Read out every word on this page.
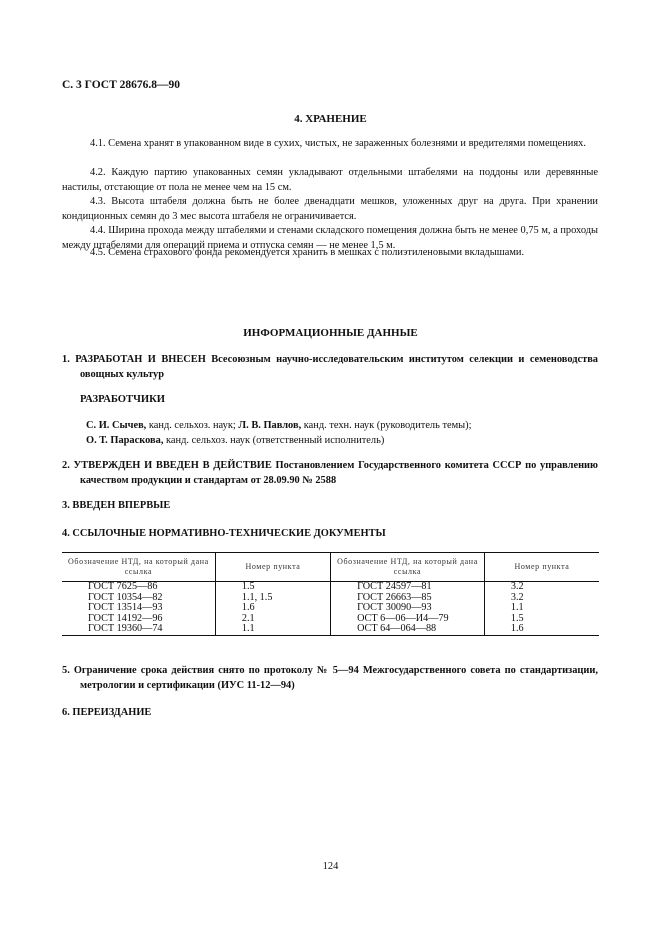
С. 3 ГОСТ 28676.8—90
4. ХРАНЕНИЕ
4.1. Семена хранят в упакованном виде в сухих, чистых, не зараженных болезнями и вредителями помещениях.
4.2. Каждую партию упакованных семян укладывают отдельными штабелями на поддоны или деревянные настилы, отстающие от пола не менее чем на 15 см.
4.3. Высота штабеля должна быть не более двенадцати мешков, уложенных друг на друга. При хранении кондиционных семян до 3 мес высота штабеля не ограничивается.
4.4. Ширина прохода между штабелями и стенами складского помещения должна быть не менее 0,75 м, а проходы между штабелями для операций приема и отпуска семян — не менее 1,5 м.
4.5. Семена страхового фонда рекомендуется хранить в мешках с полиэтиленовыми вкладышами.
ИНФОРМАЦИОННЫЕ ДАННЫЕ
1. РАЗРАБОТАН И ВНЕСЕН Всесоюзным научно-исследовательским институтом селекции и семеноводства овощных культур
РАЗРАБОТЧИКИ
С. И. Сычев, канд. сельхоз. наук; Л. В. Павлов, канд. техн. наук (руководитель темы);
О. Т. Параскова, канд. сельхоз. наук (ответственный исполнитель)
2. УТВЕРЖДЕН И ВВЕДЕН В ДЕЙСТВИЕ Постановлением Государственного комитета СССР по управлению качеством продукции и стандартам от 28.09.90 № 2588
3. ВВЕДЕН ВПЕРВЫЕ
4. ССЫЛОЧНЫЕ НОРМАТИВНО-ТЕХНИЧЕСКИЕ ДОКУМЕНТЫ
Обозначение НТД, на который дана ссылка	Номер пункта	Обозначение НТД, на который дана ссылка	Номер пункта
ГОСТ 7625—86	1.5	ГОСТ 24597—81	3.2
ГОСТ 10354—82	1.1, 1.5	ГОСТ 26663—85	3.2
ГОСТ 13514—93	1.6	ГОСТ 30090—93	1.1
ГОСТ 14192—96	2.1	ОСТ 6—06—И4—79	1.5
ГОСТ 19360—74	1.1	ОСТ 64—064—88	1.6
5. Ограничение срока действия снято по протоколу № 5—94 Межгосударственного совета по стандартизации, метрологии и сертификации (ИУС 11-12—94)
6. ПЕРЕИЗДАНИЕ
124
